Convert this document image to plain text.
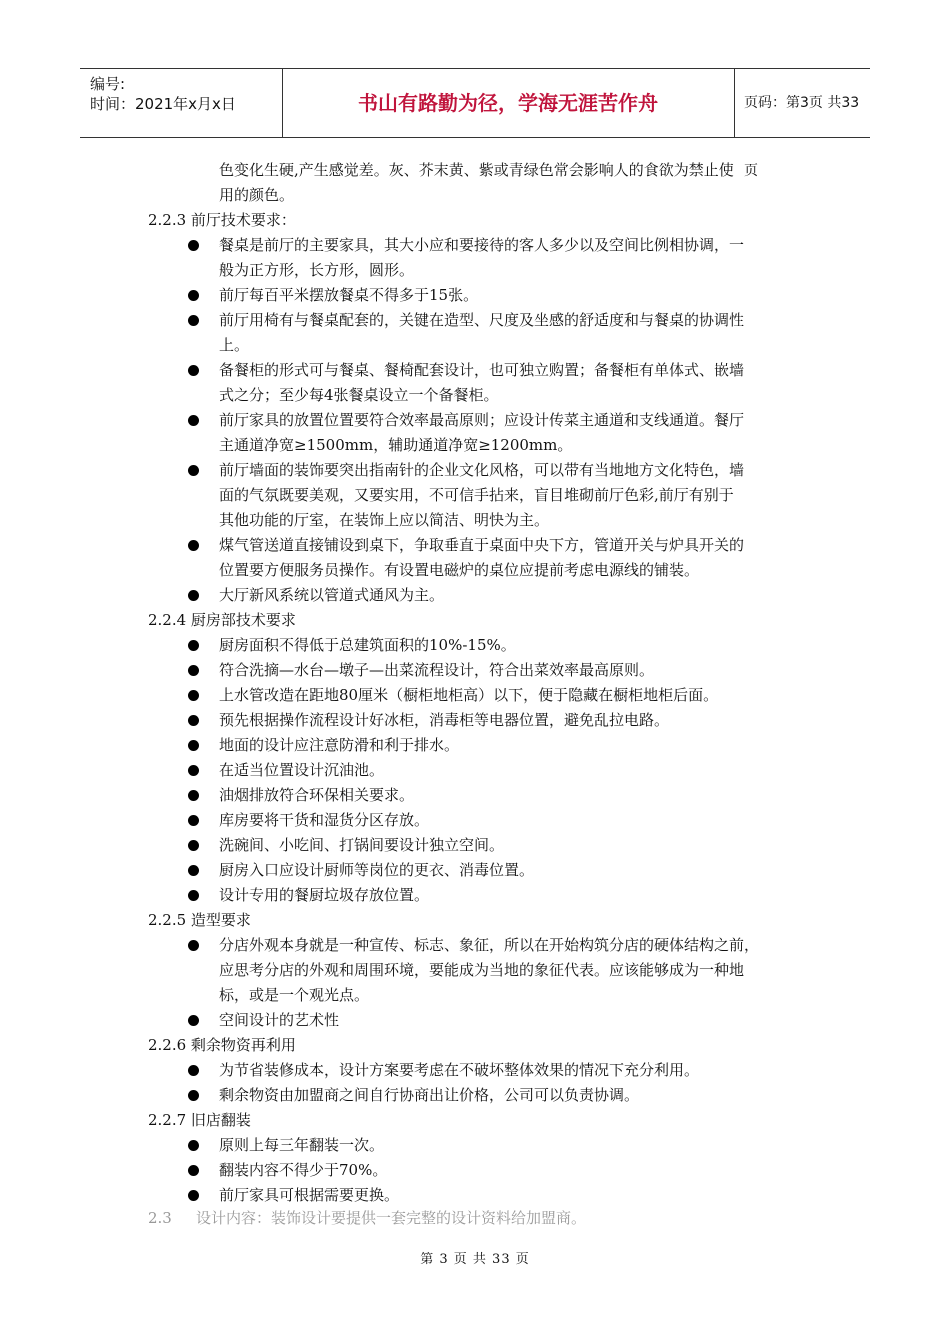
编号:
时间：2021年x月x日	书山有路勤为径，学海无涯苦作舟	页码：第3页 共33页
2.2.3 前厅技术要求：
餐桌是前厅的主要家具，其大小应和要接待的客人多少以及空间比例相协调，一
般为正方形，长方形，圆形。
前厅每百平米摆放餐桌不得多于15张。
前厅用椅有与餐桌配套的，关键在造型、尺度及坐感的舒适度和与餐桌的协调性
上。
备餐柜的形式可与餐桌、餐椅配套设计，也可独立购置；备餐柜有单体式、嵌墙
式之分；至少每4张餐桌设立一个备餐柜。
前厅家具的放置位置要符合效率最高原则；应设计传菜主通道和支线通道。餐厅
主通道净宽≥1500mm，辅助通道净宽≥1200mm。
前厅墙面的装饰要突出指南针的企业文化风格，可以带有当地地方文化特色，墙
面的气氛既要美观，又要实用，不可信手拈来，盲目堆砌前厅色彩,前厅有别于
其他功能的厅室，在装饰上应以简洁、明快为主。
煤气管送道直接铺设到桌下，争取垂直于桌面中央下方，管道开关与炉具开关的
位置要方便服务员操作。有设置电磁炉的桌位应提前考虑电源线的铺装。
大厅新风系统以管道式通风为主。
2.2.4 厨房部技术要求
厨房面积不得低于总建筑面积的10%-15%。
符合洗摘—水台—墩子—出菜流程设计，符合出菜效率最高原则。
上水管改造在距地80厘米（橱柜地柜高）以下，便于隐藏在橱柜地柜后面。
预先根据操作流程设计好冰柜，消毒柜等电器位置，避免乱拉电路。
地面的设计应注意防滑和利于排水。
在适当位置设计沉油池。
油烟排放符合环保相关要求。
库房要将干货和湿货分区存放。
洗碗间、小吃间、打锅间要设计独立空间。
厨房入口应设计厨师等岗位的更衣、消毒位置。
设计专用的餐厨垃圾存放位置。
2.2.5 造型要求
分店外观本身就是一种宣传、标志、象征，所以在开始构筑分店的硬体结构之前，
应思考分店的外观和周围环境，要能成为当地的象征代表。应该能够成为一种地
标，或是一个观光点。
空间设计的艺术性
2.2.6 剩余物资再利用
为节省装修成本，设计方案要考虑在不破坏整体效果的情况下充分利用。
剩余物资由加盟商之间自行协商出让价格，公司可以负责协调。
2.2.7 旧店翻装
原则上每三年翻装一次。
翻装内容不得少于70%。
前厅家具可根据需要更换。
色变化生硬,产生感觉差。灰、芥末黄、紫或青绿色常会影响人的食欲为禁止使
用的颜色。
2.3 设计内容：装饰设计要提供一套完整的设计资料给加盟商。
第 3 页 共 33 页
